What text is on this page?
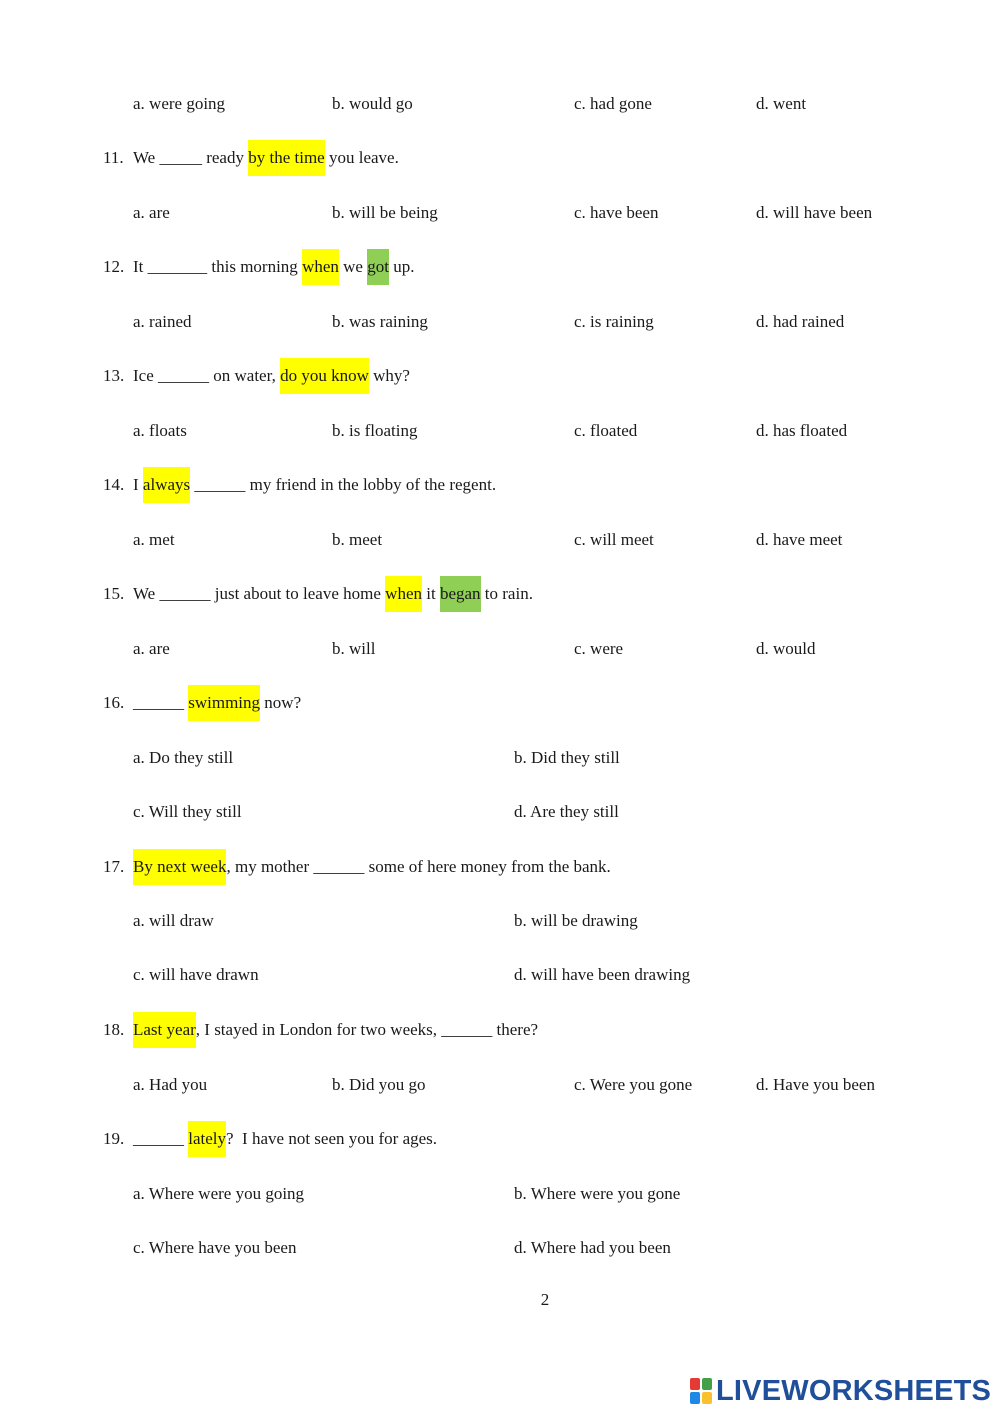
a. were going	b. would go	c. had gone	d. went
11. We _____ ready by the time you leave.
a. are	b. will be being	c. have been	d. will have been
12. It _______ this morning when we got up.
a. rained	b. was raining	c. is raining	d. had rained
13. Ice ______ on water, do you know why?
a. floats	b. is floating	c. floated	d. has floated
14. I always ______ my friend in the lobby of the regent.
a. met	b. meet	c. will meet	d. have meet
15. We ______ just about to leave home when it began to rain.
a. are	b. will	c. were	d. would
16. ______ swimming now?
a. Do they still	b. Did they still
c. Will they still	d. Are they still
17. By next week, my mother ______ some of here money from the bank.
a. will draw	b. will be drawing
c. will have drawn	d. will have been drawing
18. Last year, I stayed in London for two weeks, ______ there?
a. Had you	b. Did you go	c. Were you gone	d. Have you been
19. ______ lately?  I have not seen you for ages.
a. Where were you going	b. Where were you gone
c. Where have you been	d. Where had you been
2
LIVEWORKSHEETS
